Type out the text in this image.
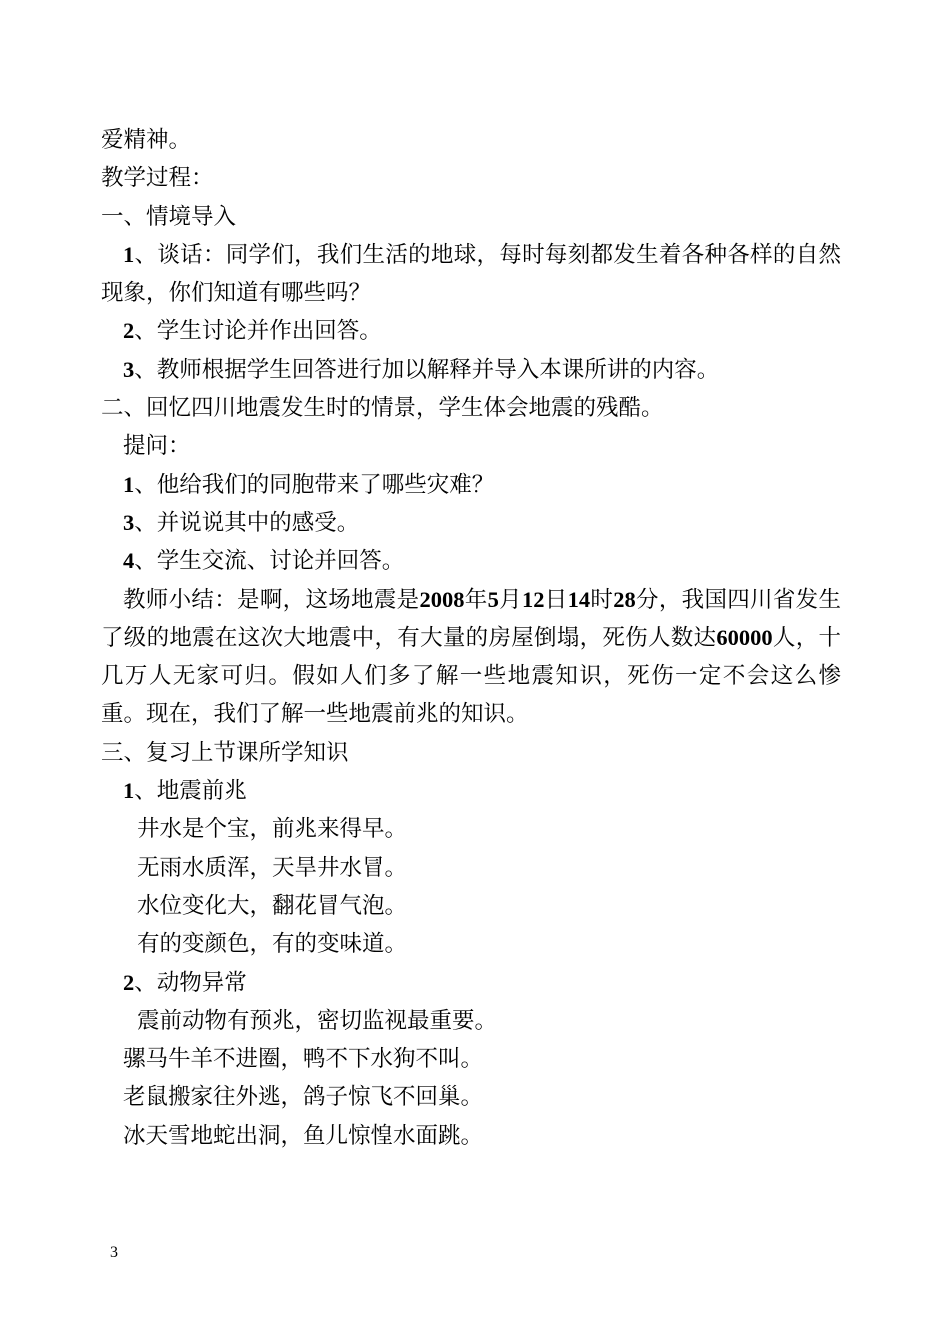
爱精神。
教学过程：
一、情境导入
1、谈话：同学们，我们生活的地球，每时每刻都发生着各种各样的自然现象，你们知道有哪些吗？
2、学生讨论并作出回答。
3、教师根据学生回答进行加以解释并导入本课所讲的内容。
二、回忆四川地震发生时的情景，学生体会地震的残酷。
提问：
1、他给我们的同胞带来了哪些灾难？
3、并说说其中的感受。
4、学生交流、讨论并回答。
教师小结：是啊，这场地震是2008年5月12日14时28分，我国四川省发生了级的地震在这次大地震中，有大量的房屋倒塌，死伤人数达60000人，十几万人无家可归。假如人们多了解一些地震知识，死伤一定不会这么惨重。现在，我们了解一些地震前兆的知识。
三、复习上节课所学知识
1、地震前兆
井水是个宝，前兆来得早。
无雨水质浑，天旱井水冒。
水位变化大，翻花冒气泡。
有的变颜色，有的变味道。
2、动物异常
震前动物有预兆，密切监视最重要。
骡马牛羊不进圈，鸭不下水狗不叫。
老鼠搬家往外逃，鸽子惊飞不回巢。
冰天雪地蛇出洞，鱼儿惊惶水面跳。
3
